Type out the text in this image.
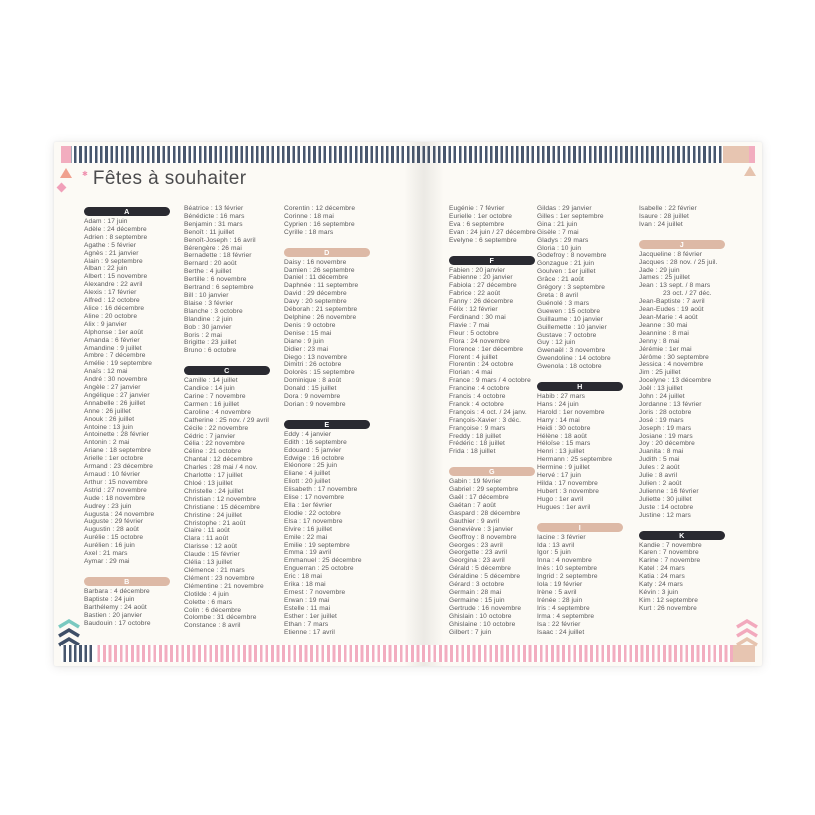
✱ Fêtes à souhaiter
A
Adam : 17 juin
Adèle : 24 décembre
Adrien : 8 septembre
Agathe : 5 février
Agnès : 21 janvier
Alain : 9 septembre
Alban : 22 juin
Albert : 15 novembre
Alexandre : 22 avril
Alexis : 17 février
Alfred : 12 octobre
Alice : 16 décembre
Aline : 20 octobre
Alix : 9 janvier
Alphonse : 1er août
Amanda : 6 février
Amandine : 9 juillet
Ambre : 7 décembre
Amélie : 19 septembre
Anaïs : 12 mai
André : 30 novembre
Angèle : 27 janvier
Angélique : 27 janvier
Annabelle : 26 juillet
Anne : 26 juillet
Anouk : 26 juillet
Antoine : 13 juin
Antoinette : 28 février
Antonin : 2 mai
Ariane : 18 septembre
Arielle : 1er octobre
Armand : 23 décembre
Arnaud : 10 février
Arthur : 15 novembre
Astrid : 27 novembre
Aude : 18 novembre
Audrey : 23 juin
Augusta : 24 novembre
Auguste : 29 février
Augustin : 28 août
Aurélie : 15 octobre
Aurélien : 16 juin
Axel : 21 mars
Aymar : 29 mai
B
Barbara : 4 décembre
Baptiste : 24 juin
Barthélemy : 24 août
Bastien : 20 janvier
Baudouin : 17 octobre
Béatrice : 13 février
Bénédicte : 16 mars
Benjamin : 31 mars
Benoît : 11 juillet
Benoît-Joseph : 16 avril
Bérengère : 26 mai
Bernadette : 18 février
Bernard : 20 août
Berthe : 4 juillet
Bertille : 6 novembre
Bertrand : 6 septembre
Bill : 10 janvier
Blaise : 3 février
Blanche : 3 octobre
Blandine : 2 juin
Bob : 30 janvier
Boris : 2 mai
Brigitte : 23 juillet
Bruno : 6 octobre
C
Camille : 14 juillet
Candice : 14 juin
Carine : 7 novembre
Carmen : 16 juillet
Caroline : 4 novembre
Catherine : 25 nov. / 29 avril
Cécile : 22 novembre
Cédric : 7 janvier
Célia : 22 novembre
Céline : 21 octobre
Chantal : 12 décembre
Charles : 28 mai / 4 nov.
Charlotte : 17 juillet
Chloé : 13 juillet
Christelle : 24 juillet
Christian : 12 novembre
Christiane : 15 décembre
Christine : 24 juillet
Christophe : 21 août
Claire : 11 août
Clara : 11 août
Clarisse : 12 août
Claude : 15 février
Clélia : 13 juillet
Clémence : 21 mars
Clément : 23 novembre
Clémentine : 21 novembre
Clotilde : 4 juin
Colette : 6 mars
Colin : 6 décembre
Colombe : 31 décembre
Constance : 8 avril
Corentin : 12 décembre
Corinne : 18 mai
Cyprien : 16 septembre
Cyrille : 18 mars
D
Daisy : 16 novembre
Damien : 26 septembre
Daniel : 11 décembre
Daphnée : 11 septembre
David : 29 décembre
Davy : 20 septembre
Déborah : 21 septembre
Delphine : 26 novembre
Denis : 9 octobre
Denise : 15 mai
Diane : 9 juin
Didier : 23 mai
Diego : 13 novembre
Dimitri : 26 octobre
Dolorès : 15 septembre
Dominique : 8 août
Donald : 15 juillet
Dora : 9 novembre
Dorian : 9 novembre
E
Eddy : 4 janvier
Edith : 16 septembre
Edouard : 5 janvier
Edwige : 16 octobre
Eléonore : 25 juin
Eliane : 4 juillet
Eliott : 20 juillet
Elisabeth : 17 novembre
Elise : 17 novembre
Ella : 1er février
Elodie : 22 octobre
Elsa : 17 novembre
Elvire : 16 juillet
Emile : 22 mai
Emilie : 19 septembre
Emma : 19 avril
Emmanuel : 25 décembre
Enguerran : 25 octobre
Eric : 18 mai
Erika : 18 mai
Ernest : 7 novembre
Erwan : 19 mai
Estelle : 11 mai
Esther : 1er juillet
Ethan : 7 mars
Etienne : 17 avril
Eugénie : 7 février
Eurielle : 1er octobre
Eva : 6 septembre
Evan : 24 juin / 27 décembre
Evelyne : 6 septembre
F
Fabien : 20 janvier
Fabienne : 20 janvier
Fabiola : 27 décembre
Fabrice : 22 août
Fanny : 26 décembre
Félix : 12 février
Ferdinand : 30 mai
Flavie : 7 mai
Fleur : 5 octobre
Flora : 24 novembre
Florence : 1er décembre
Florent : 4 juillet
Florentin : 24 octobre
Florian : 4 mai
France : 9 mars / 4 octobre
Francine : 4 octobre
Francis : 4 octobre
Franck : 4 octobre
François : 4 oct. / 24 janv.
François-Xavier : 3 déc.
Françoise : 9 mars
Freddy : 18 juillet
Frédéric : 18 juillet
Frida : 18 juillet
G
Gabin : 19 février
Gabriel : 29 septembre
Gaël : 17 décembre
Gaétan : 7 août
Gaspard : 28 décembre
Gauthier : 9 avril
Geneviève : 3 janvier
Geoffroy : 8 novembre
Georges : 23 avril
Georgette : 23 avril
Georgina : 23 avril
Gérald : 5 décembre
Géraldine : 5 décembre
Gérard : 3 octobre
Germain : 28 mai
Germaine : 15 juin
Gertrude : 16 novembre
Ghislain : 10 octobre
Ghislaine : 10 octobre
Gilbert : 7 juin
Gildas : 29 janvier
Gilles : 1er septembre
Gina : 21 juin
Gisèle : 7 mai
Gladys : 29 mars
Gloria : 10 juin
Godefroy : 8 novembre
Gonzague : 21 juin
Goulven : 1er juillet
Grâce : 21 août
Grégory : 3 septembre
Greta : 8 avril
Guénolé : 3 mars
Guewen : 15 octobre
Guillaume : 10 janvier
Guillemette : 10 janvier
Gustave : 7 octobre
Guy : 12 juin
Gwenaël : 3 novembre
Gwendoline : 14 octobre
Gwenola : 18 octobre
H
Habib : 27 mars
Hans : 24 juin
Harold : 1er novembre
Harry : 14 mai
Heidi : 30 octobre
Hélène : 18 août
Héloïse : 15 mars
Henri : 13 juillet
Hermann : 25 septembre
Hermine : 9 juillet
Hervé : 17 juin
Hilda : 17 novembre
Hubert : 3 novembre
Hugo : 1er avril
Hugues : 1er avril
I
Iacine : 3 février
Ida : 13 avril
Igor : 5 juin
Inna : 4 novembre
Inès : 10 septembre
Ingrid : 2 septembre
Iola : 19 février
Irène : 5 avril
Irénée : 28 juin
Iris : 4 septembre
Irma : 4 septembre
Isa : 22 février
Isaac : 24 juillet
Isabelle : 22 février
Isaure : 28 juillet
Ivan : 24 juillet
J
Jacqueline : 8 février
Jacques : 28 nov. / 25 juil.
Jade : 29 juin
James : 25 juillet
Jean : 13 sept. / 8 mars
23 oct. / 27 déc.
Jean-Baptiste : 7 avril
Jean-Eudes : 19 août
Jean-Marie : 4 août
Jeanne : 30 mai
Jeannine : 8 mai
Jenny : 8 mai
Jérémie : 1er mai
Jérôme : 30 septembre
Jessica : 4 novembre
Jim : 25 juillet
Jocelyne : 13 décembre
Joël : 13 juillet
John : 24 juillet
Jordanne : 13 février
Joris : 28 octobre
José : 19 mars
Joseph : 19 mars
Josiane : 19 mars
Joy : 20 décembre
Juanita : 8 mai
Judith : 5 mai
Jules : 2 août
Julie : 8 avril
Julien : 2 août
Julienne : 16 février
Juliette : 30 juillet
Juste : 14 octobre
Justine : 12 mars
K
Kandie : 7 novembre
Karen : 7 novembre
Karine : 7 novembre
Katel : 24 mars
Katia : 24 mars
Katy : 24 mars
Kévin : 3 juin
Kim : 12 septembre
Kurt : 26 novembre
